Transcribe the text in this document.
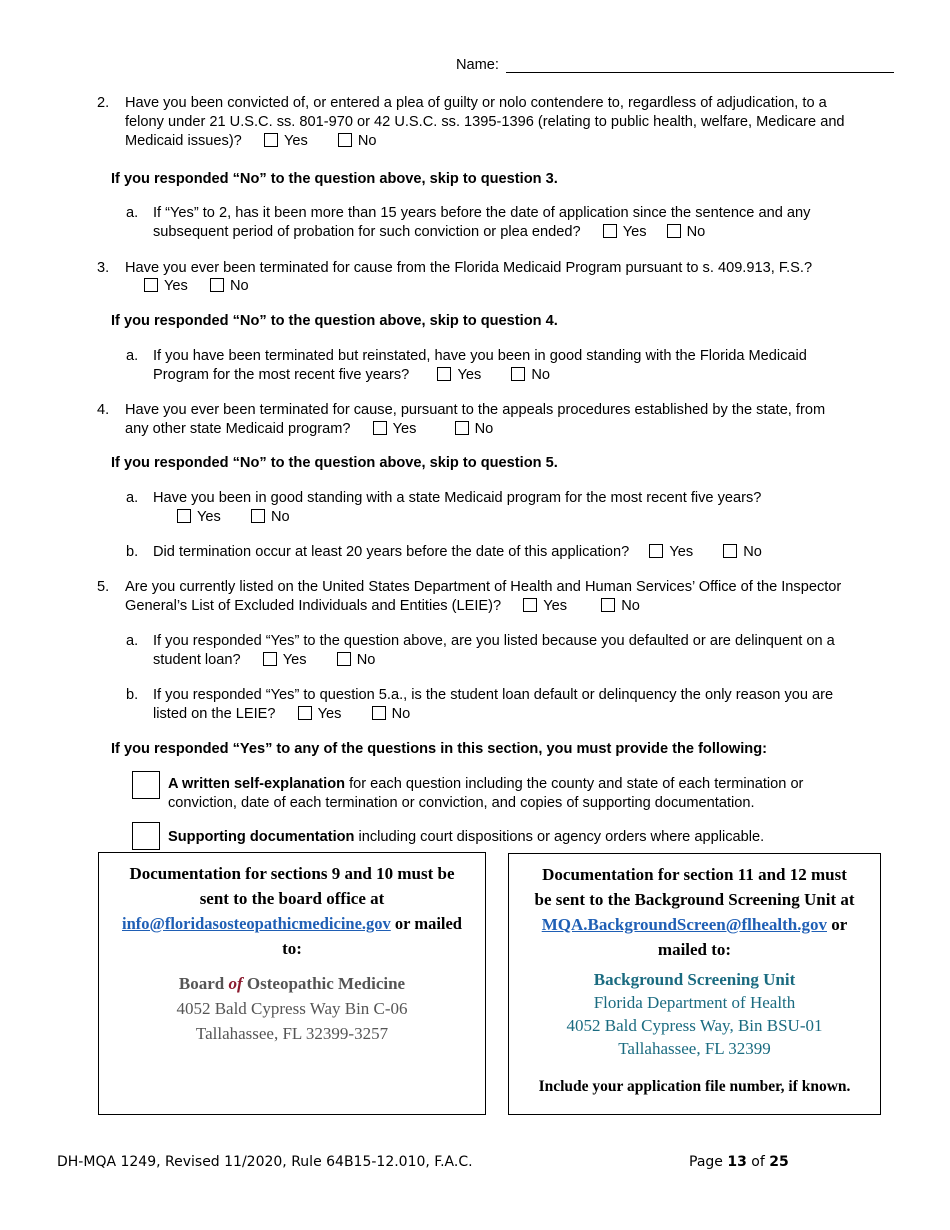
Name:
2. Have you been convicted of, or entered a plea of guilty or nolo contendere to, regardless of adjudication, to a
felony under 21 U.S.C. ss. 801-970 or 42 U.S.C. ss. 1395-1396 (relating to public health, welfare, Medicare and
Medicaid issues)?	Yes	No
If you responded “No” to the question above, skip to question 3.
a. If “Yes” to 2, has it been more than 15 years before the date of application since the sentence and any
subsequent period of probation for such conviction or plea ended?	Yes	No
3. Have you ever been terminated for cause from the Florida Medicaid Program pursuant to s. 409.913, F.S.?
Yes	No
If you responded “No” to the question above, skip to question 4.
a. If you have been terminated but reinstated, have you been in good standing with the Florida Medicaid
Program for the most recent five years?	Yes	No
4. Have you ever been terminated for cause, pursuant to the appeals procedures established by the state, from
any other state Medicaid program?	Yes	No
If you responded “No” to the question above, skip to question 5.
a. Have you been in good standing with a state Medicaid program for the most recent five years?
Yes	No
b. Did termination occur at least 20 years before the date of this application?	Yes	No
5. Are you currently listed on the United States Department of Health and Human Services’ Office of the Inspector
General’s List of Excluded Individuals and Entities (LEIE)?	Yes	No
a. If you responded “Yes” to the question above, are you listed because you defaulted or are delinquent on a
student loan?	Yes	No
b. If you responded “Yes” to question 5.a., is the student loan default or delinquency the only reason you are
listed on the LEIE?	Yes	No
If you responded “Yes” to any of the questions in this section, you must provide the following:
A written self-explanation for each question including the county and state of each termination or
conviction, date of each termination or conviction, and copies of supporting documentation.
Supporting documentation including court dispositions or agency orders where applicable.
Documentation for sections 9 and 10 must be
sent to the board office at
info@floridasosteopathicmedicine.gov or mailed
to:
Board of Osteopathic Medicine
4052 Bald Cypress Way Bin C-06
Tallahassee, FL 32399-3257
Documentation for section 11 and 12 must
be sent to the Background Screening Unit at
MQA.BackgroundScreen@flhealth.gov or
mailed to:
Background Screening Unit
Florida Department of Health
4052 Bald Cypress Way, Bin BSU-01
Tallahassee, FL 32399
Include your application file number, if known.
DH-MQA 1249, Revised 11/2020, Rule 64B15-12.010, F.A.C.	Page 13 of 25
